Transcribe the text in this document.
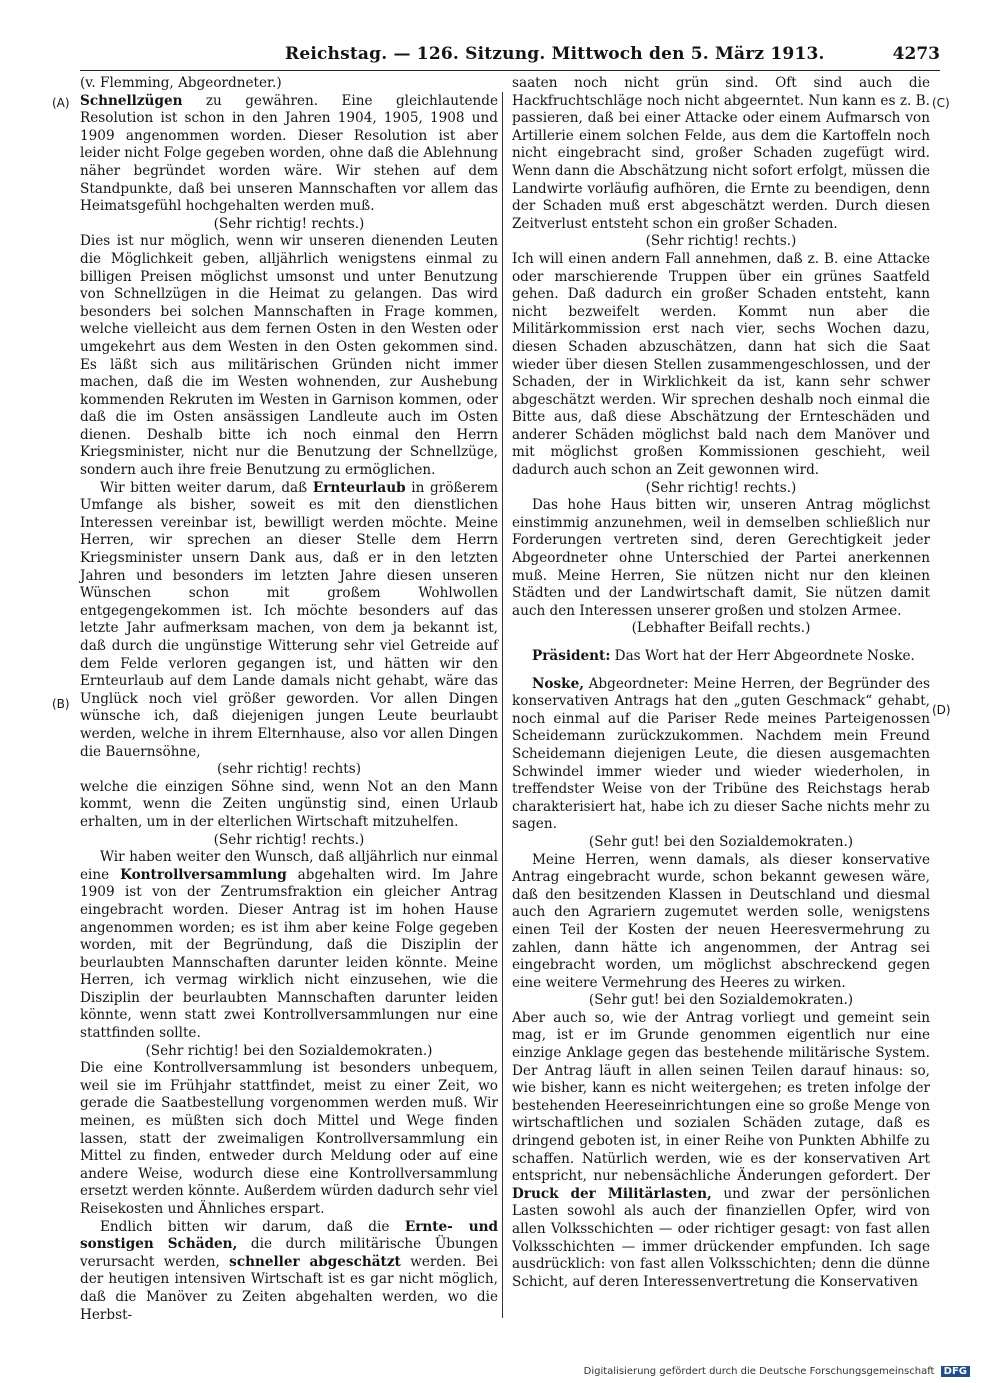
Reichstag. — 126. Sitzung. Mittwoch den 5. März 1913.	4273
(A)
(B)
(C)
(D)

(v. Flemming, Abgeordneter.)

Schnellzügen zu gewähren. Eine gleichlautende Resolution ist schon in den Jahren 1904, 1905, 1908 und 1909 angenommen worden. Dieser Resolution ist aber leider nicht Folge gegeben worden, ohne daß die Ablehnung näher begründet worden wäre. Wir stehen auf dem Standpunkte, daß bei unseren Mannschaften vor allem das Heimatsgefühl hochgehalten werden muß.

(Sehr richtig! rechts.)

Dies ist nur möglich, wenn wir unseren dienenden Leuten die Möglichkeit geben, alljährlich wenigstens einmal zu billigen Preisen möglichst umsonst und unter Benutzung von Schnellzügen in die Heimat zu gelangen. Das wird besonders bei solchen Mannschaften in Frage kommen, welche vielleicht aus dem fernen Osten in den Westen oder umgekehrt aus dem Westen in den Osten gekommen sind. Es läßt sich aus militärischen Gründen nicht immer machen, daß die im Westen wohnenden, zur Aushebung kommenden Rekruten im Westen in Garnison kommen, oder daß die im Osten ansässigen Landleute auch im Osten dienen. Deshalb bitte ich noch einmal den Herrn Kriegsminister, nicht nur die Benutzung der Schnellzüge, sondern auch ihre freie Benutzung zu ermöglichen.

Wir bitten weiter darum, daß Ernteurlaub in größerem Umfange als bisher, soweit es mit den dienstlichen Interessen vereinbar ist, bewilligt werden möchte. Meine Herren, wir sprechen an dieser Stelle dem Herrn Kriegsminister unsern Dank aus, daß er in den letzten Jahren und besonders im letzten Jahre diesen unseren Wünschen schon mit großem Wohlwollen entgegengekommen ist. Ich möchte besonders auf das letzte Jahr aufmerksam machen, von dem ja bekannt ist, daß durch die ungünstige Witterung sehr viel Getreide auf dem Felde verloren gegangen ist, und hätten wir den Ernteurlaub auf dem Lande damals nicht gehabt, wäre das Unglück noch viel größer geworden. Vor allen Dingen wünsche ich, daß diejenigen jungen Leute beurlaubt werden, welche in ihrem Elternhause, also vor allen Dingen die Bauernsöhne,

(sehr richtig! rechts)

welche die einzigen Söhne sind, wenn Not an den Mann kommt, wenn die Zeiten ungünstig sind, einen Urlaub erhalten, um in der elterlichen Wirtschaft mitzuhelfen.

(Sehr richtig! rechts.)

Wir haben weiter den Wunsch, daß alljährlich nur einmal eine Kontrollversammlung abgehalten wird. Im Jahre 1909 ist von der Zentrumsfraktion ein gleicher Antrag eingebracht worden. Dieser Antrag ist im hohen Hause angenommen worden; es ist ihm aber keine Folge gegeben worden, mit der Begründung, daß die Disziplin der beurlaubten Mannschaften darunter leiden könnte. Meine Herren, ich vermag wirklich nicht einzusehen, wie die Disziplin der beurlaubten Mannschaften darunter leiden könnte, wenn statt zwei Kontrollversammlungen nur eine stattfinden sollte.

(Sehr richtig! bei den Sozialdemokraten.)

Die eine Kontrollversammlung ist besonders unbequem, weil sie im Frühjahr stattfindet, meist zu einer Zeit, wo gerade die Saatbestellung vorgenommen werden muß. Wir meinen, es müßten sich doch Mittel und Wege finden lassen, statt der zweimaligen Kontrollversammlung ein Mittel zu finden, entweder durch Meldung oder auf eine andere Weise, wodurch diese eine Kontrollversammlung ersetzt werden könnte. Außerdem würden dadurch sehr viel Reisekosten und Ähnliches erspart.

Endlich bitten wir darum, daß die Ernte- und sonstigen Schäden, die durch militärische Übungen verursacht werden, schneller abgeschätzt werden. Bei der heutigen intensiven Wirtschaft ist es gar nicht möglich, daß die Manöver zu Zeiten abgehalten werden, wo die Herbst-

saaten noch nicht grün sind. Oft sind auch die Hackfruchtschläge noch nicht abgeerntet. Nun kann es z. B. passieren, daß bei einer Attacke oder einem Aufmarsch von Artillerie einem solchen Felde, aus dem die Kartoffeln noch nicht eingebracht sind, großer Schaden zugefügt wird. Wenn dann die Abschätzung nicht sofort erfolgt, müssen die Landwirte vorläufig aufhören, die Ernte zu beendigen, denn der Schaden muß erst abgeschätzt werden. Durch diesen Zeitverlust entsteht schon ein großer Schaden.

(Sehr richtig! rechts.)

Ich will einen andern Fall annehmen, daß z. B. eine Attacke oder marschierende Truppen über ein grünes Saatfeld gehen. Daß dadurch ein großer Schaden entsteht, kann nicht bezweifelt werden. Kommt nun aber die Militärkommission erst nach vier, sechs Wochen dazu, diesen Schaden abzuschätzen, dann hat sich die Saat wieder über diesen Stellen zusammengeschlossen, und der Schaden, der in Wirklichkeit da ist, kann sehr schwer abgeschätzt werden. Wir sprechen deshalb noch einmal die Bitte aus, daß diese Abschätzung der Ernteschäden und anderer Schäden möglichst bald nach dem Manöver und mit möglichst großen Kommissionen geschieht, weil dadurch auch schon an Zeit gewonnen wird.

(Sehr richtig! rechts.)

Das hohe Haus bitten wir, unseren Antrag möglichst einstimmig anzunehmen, weil in demselben schließlich nur Forderungen vertreten sind, deren Gerechtigkeit jeder Abgeordneter ohne Unterschied der Partei anerkennen muß. Meine Herren, Sie nützen nicht nur den kleinen Städten und der Landwirtschaft damit, Sie nützen damit auch den Interessen unserer großen und stolzen Armee.

(Lebhafter Beifall rechts.)

Präsident: Das Wort hat der Herr Abgeordnete Noske.

Noske, Abgeordneter: Meine Herren, der Begründer des konservativen Antrags hat den „guten Geschmack“ gehabt, noch einmal auf die Pariser Rede meines Parteigenossen Scheidemann zurückzukommen. Nachdem mein Freund Scheidemann diejenigen Leute, die diesen ausgemachten Schwindel immer wieder und wieder wiederholen, in treffendster Weise von der Tribüne des Reichstags herab charakterisiert hat, habe ich zu dieser Sache nichts mehr zu sagen.

(Sehr gut! bei den Sozialdemokraten.)

Meine Herren, wenn damals, als dieser konservative Antrag eingebracht wurde, schon bekannt gewesen wäre, daß den besitzenden Klassen in Deutschland und diesmal auch den Agrariern zugemutet werden solle, wenigstens einen Teil der Kosten der neuen Heeresvermehrung zu zahlen, dann hätte ich angenommen, der Antrag sei eingebracht worden, um möglichst abschreckend gegen eine weitere Vermehrung des Heeres zu wirken.

(Sehr gut! bei den Sozialdemokraten.)

Aber auch so, wie der Antrag vorliegt und gemeint sein mag, ist er im Grunde genommen eigentlich nur eine einzige Anklage gegen das bestehende militärische System. Der Antrag läuft in allen seinen Teilen darauf hinaus: so, wie bisher, kann es nicht weitergehen; es treten infolge der bestehenden Heereseinrichtungen eine so große Menge von wirtschaftlichen und sozialen Schäden zutage, daß es dringend geboten ist, in einer Reihe von Punkten Abhilfe zu schaffen. Natürlich werden, wie es der konservativen Art entspricht, nur nebensächliche Änderungen gefordert. Der Druck der Militärlasten, und zwar der persönlichen Lasten sowohl als auch der finanziellen Opfer, wird von allen Volksschichten — oder richtiger gesagt: von fast allen Volksschichten — immer drückender empfunden. Ich sage ausdrücklich: von fast allen Volksschichten; denn die dünne Schicht, auf deren Interessenvertretung die Konservativen

Digitalisierung gefördert durch die Deutsche Forschungsgemeinschaft DFG
